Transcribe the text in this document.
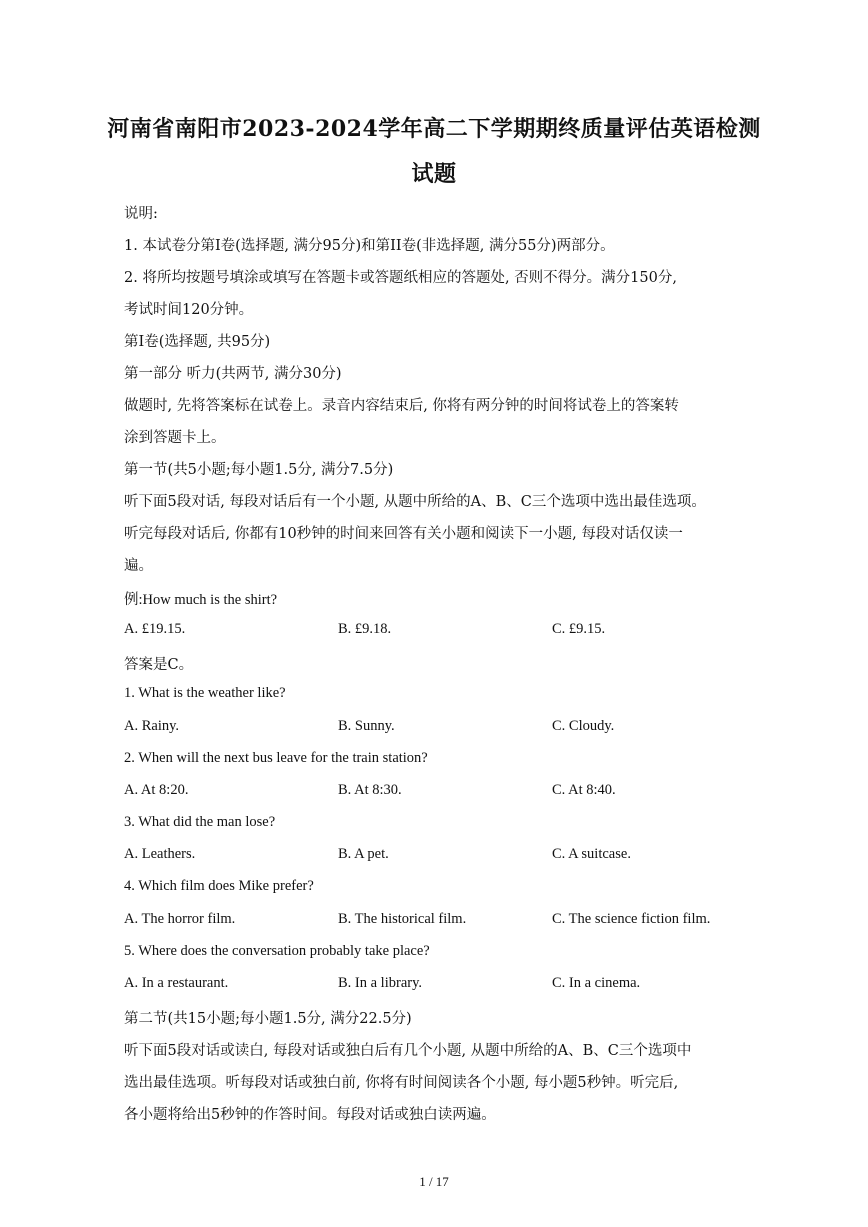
河南省南阳市2023-2024学年高二下学期期终质量评估英语检测
试题
说明:
1. 本试卷分第I卷(选择题, 满分95分)和第II卷(非选择题, 满分55分)两部分。
2. 将所均按题号填涂或填写在答题卡或答题纸相应的答题处, 否则不得分。满分150分,
考试时间120分钟。
第I卷(选择题, 共95分)
第一部分 听力(共两节, 满分30分)
做题时, 先将答案标在试卷上。录音内容结束后, 你将有两分钟的时间将试卷上的答案转
涂到答题卡上。
第一节(共5小题;每小题1.5分, 满分7.5分)
听下面5段对话, 每段对话后有一个小题, 从题中所给的A、B、C三个选项中选出最佳选项。
听完每段对话后, 你都有10秒钟的时间来回答有关小题和阅读下一小题, 每段对话仅读一
遍。
例:How much is the shirt?
A. £19.15.	B. £9.18.	C. £9.15.
答案是C。
1. What is the weather like?
A. Rainy.	B. Sunny.	C. Cloudy.
2. When will the next bus leave for the train station?
A. At 8:20.	B. At 8:30.	C. At 8:40.
3. What did the man lose?
A. Leathers.	B. A pet.	C. A suitcase.
4. Which film does Mike prefer?
A. The horror film.	B. The historical film.	C. The science fiction film.
5. Where does the conversation probably take place?
A. In a restaurant.	B. In a library.	C. In a cinema.
第二节(共15小题;每小题1.5分, 满分22.5分)
听下面5段对话或读白, 每段对话或独白后有几个小题, 从题中所给的A、B、C三个选项中
选出最佳选项。听每段对话或独白前, 你将有时间阅读各个小题, 每小题5秒钟。听完后,
各小题将给出5秒钟的作答时间。每段对话或独白读两遍。
1 / 17
